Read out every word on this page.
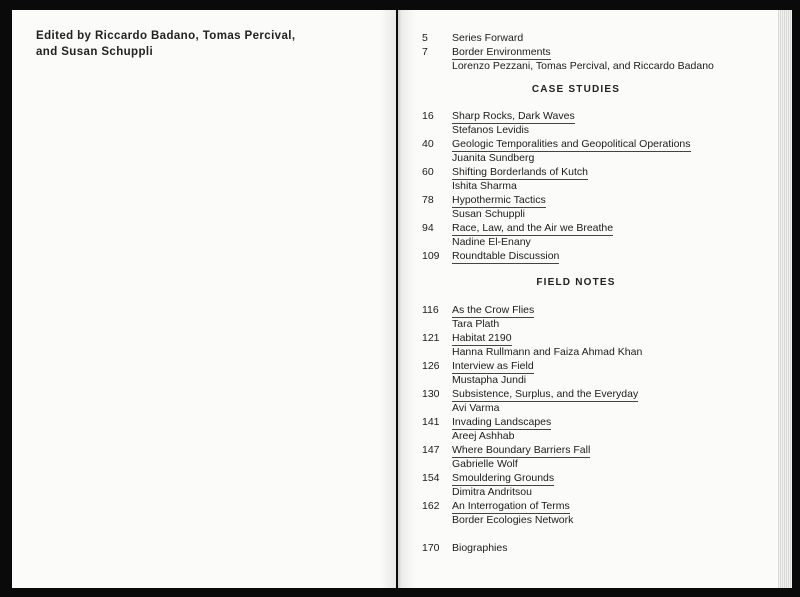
Edited by Riccardo Badano, Tomas Percival,
and Susan Schuppli
5 Series Forward
7 Border Environments
Lorenzo Pezzani, Tomas Percival, and Riccardo Badano
CASE STUDIES
16 Sharp Rocks, Dark Waves
Stefanos Levidis
40 Geologic Temporalities and Geopolitical Operations
Juanita Sundberg
60 Shifting Borderlands of Kutch
Ishita Sharma
78 Hypothermic Tactics
Susan Schuppli
94 Race, Law, and the Air we Breathe
Nadine El-Enany
109 Roundtable Discussion
FIELD NOTES
116 As the Crow Flies
Tara Plath
121 Habitat 2190
Hanna Rullmann and Faiza Ahmad Khan
126 Interview as Field
Mustapha Jundi
130 Subsistence, Surplus, and the Everyday
Avi Varma
141 Invading Landscapes
Areej Ashhab
147 Where Boundary Barriers Fall
Gabrielle Wolf
154 Smouldering Grounds
Dimitra Andritsou
162 An Interrogation of Terms
Border Ecologies Network
170 Biographies
